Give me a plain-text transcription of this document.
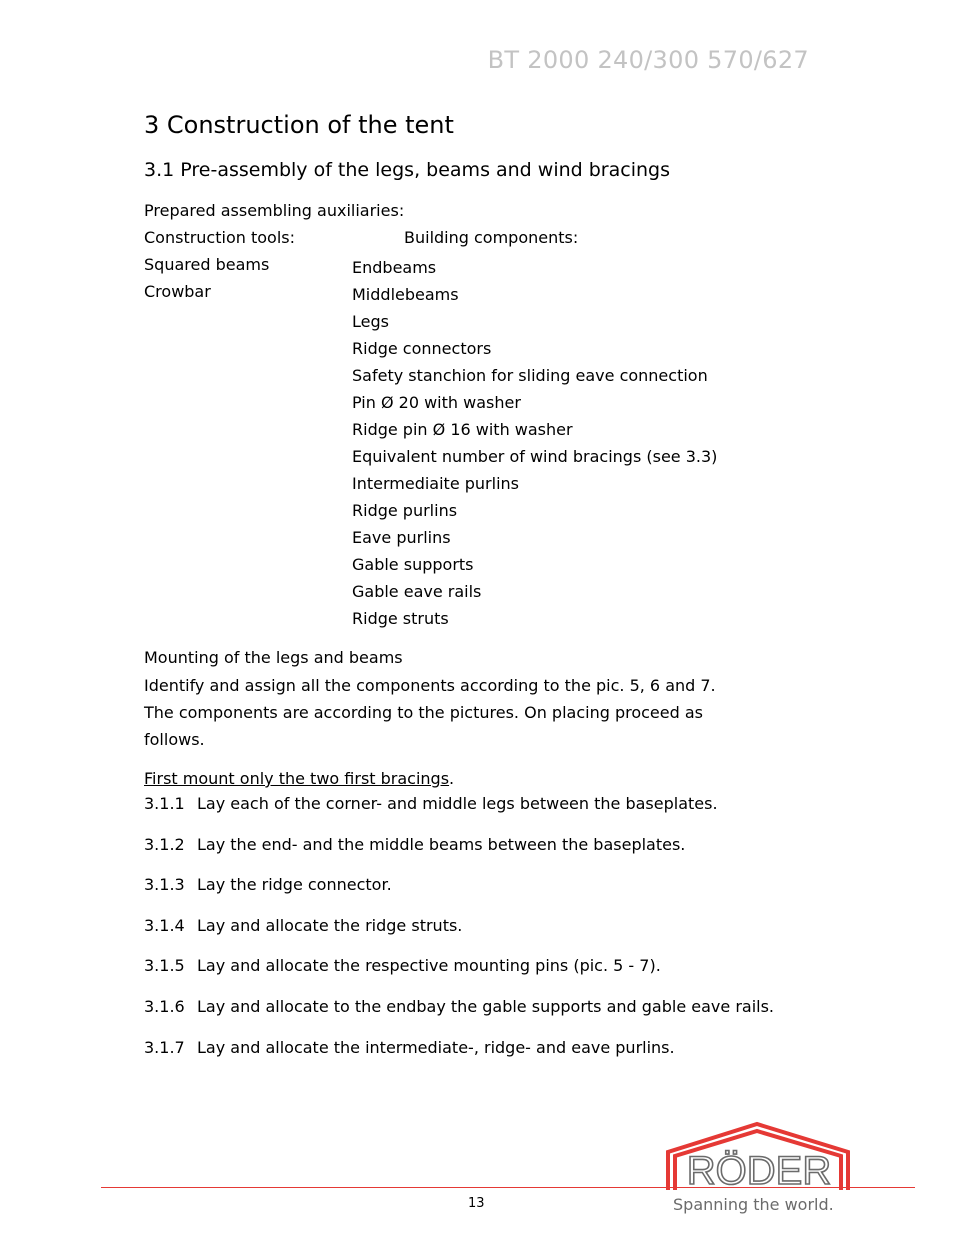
BT 2000 240/300 570/627
3 Construction of the tent
3.1 Pre-assembly of the legs, beams and wind bracings
Prepared assembling auxiliaries:
Construction tools:	Building components:
Squared beams
Crowbar
Endbeams
Middlebeams
Legs
Ridge connectors
Safety stanchion for sliding eave connection
Pin Ø 20 with washer
Ridge pin Ø 16 with washer
Equivalent number of wind bracings (see 3.3)
Intermediaite purlins
Ridge purlins
Eave purlins
Gable supports
Gable eave rails
Ridge struts
Mounting of the legs and beams
Identify and assign all the components according to the pic. 5, 6 and 7.
The components are according to the pictures. On placing proceed as
follows.
First mount only the two first bracings.
3.1.1 Lay each of the corner- and middle legs between the baseplates.
3.1.2 Lay the end- and the middle beams between the baseplates.
3.1.3 Lay the ridge connector.
3.1.4 Lay and allocate the ridge struts.
3.1.5 Lay and allocate the respective mounting pins (pic. 5 - 7).
3.1.6 Lay and allocate to the endbay the gable supports and gable eave rails.
3.1.7 Lay and allocate the intermediate-, ridge- and eave purlins.
13
RÖDER
Spanning the world.
